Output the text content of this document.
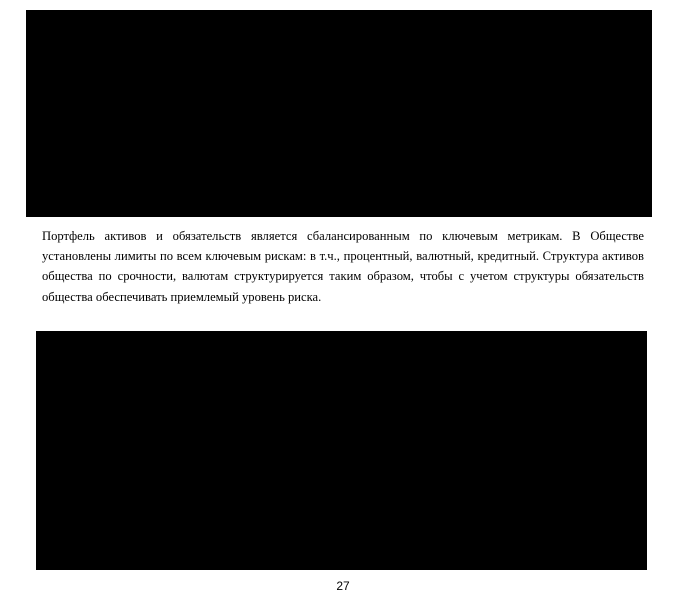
Портфель активов и обязательств является сбалансированным по ключевым метрикам. В Обществе установлены лимиты по всем ключевым рискам: в т.ч., процентный, валютный, кредитный. Структура активов общества по срочности, валютам структурируется таким образом, чтобы с учетом структуры обязательств общества обеспечивать приемлемый уровень риска.

27
